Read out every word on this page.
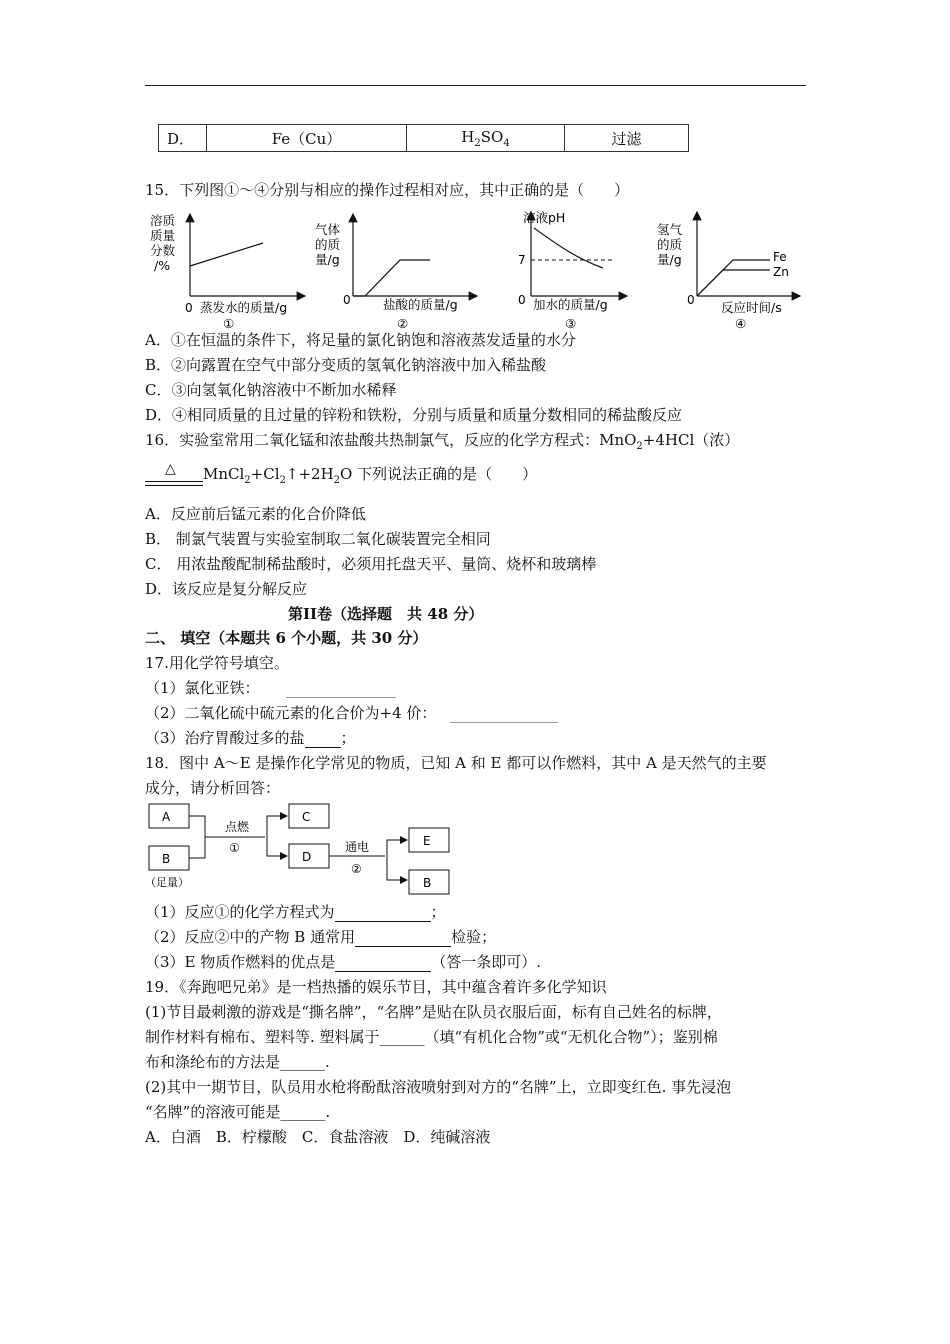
D．	Fe（Cu）	$H_2SO_4$	过滤
15．下列图①～④分别与相应的操作过程相对应，其中正确的是（　　）
溶质
质量
分数
/%
0 蒸发水的质量/g
①
气体
的质
量/g
0	盐酸的质量/g
②
溶液pH
7
0 加水的质量/g
③
氢气
的质
量/g	Fe
Zn
0 反应时间/s
④
A．①在恒温的条件下，将足量的氯化钠饱和溶液蒸发适量的水分
B．②向露置在空气中部分变质的氢氧化钠溶液中加入稀盐酸
C．③向氢氧化钠溶液中不断加水稀释
D．④相同质量的且过量的锌粉和铁粉，分别与质量和质量分数相同的稀盐酸反应
16．实验室常用二氧化锰和浓盐酸共热制氯气，反应的化学方程式：MnO$_2$+4HCl（浓）
△ $MnCl_2+Cl_2↑+2H_2O$ 下列说法正确的是（　　）
A．反应前后锰元素的化合价降低
B． 制氯气装置与实验室制取二氧化碳装置完全相同
C． 用浓盐酸配制稀盐酸时，必须用托盘天平、量筒、烧杯和玻璃棒
D．该反应是复分解反应
第II卷（选择题　共 48 分）
二、 填空（本题共 6 个小题，共 30 分）
17.用化学符号填空。
（1）氯化亚铁：
（2）二氧化硫中硫元素的化合价为+4 价：
（3）治疗胃酸过多的盐 ；
18．图中 A～E 是操作化学常见的物质，已知 A 和 E 都可以作燃料，其中 A 是天然气的主要
成分，请分析回答：
A
B
（足量）
点燃
①
C
D
通电
②
E
B
（1）反应①的化学方程式为	；
（2）反应②中的产物 B 通常用	检验；
（3）E 物质作燃料的优点是	（答一条即可）.
19．《奔跑吧兄弟》是一档热播的娱乐节目，其中蕴含着许多化学知识
(1)节目最刺激的游戏是“撕名牌”，“名牌”是贴在队员衣服后面，标有自己姓名的标牌，
制作材料有棉布、塑料等. 塑料属于______（填“有机化合物”或“无机化合物”）；鉴别棉
布和涤纶布的方法是______.
(2)其中一期节目，队员用水枪将酚酞溶液喷射到对方的“名牌”上，立即变红色. 事先浸泡
“名牌”的溶液可能是______.
A．白酒　B．柠檬酸　C．食盐溶液　D．纯碱溶液
